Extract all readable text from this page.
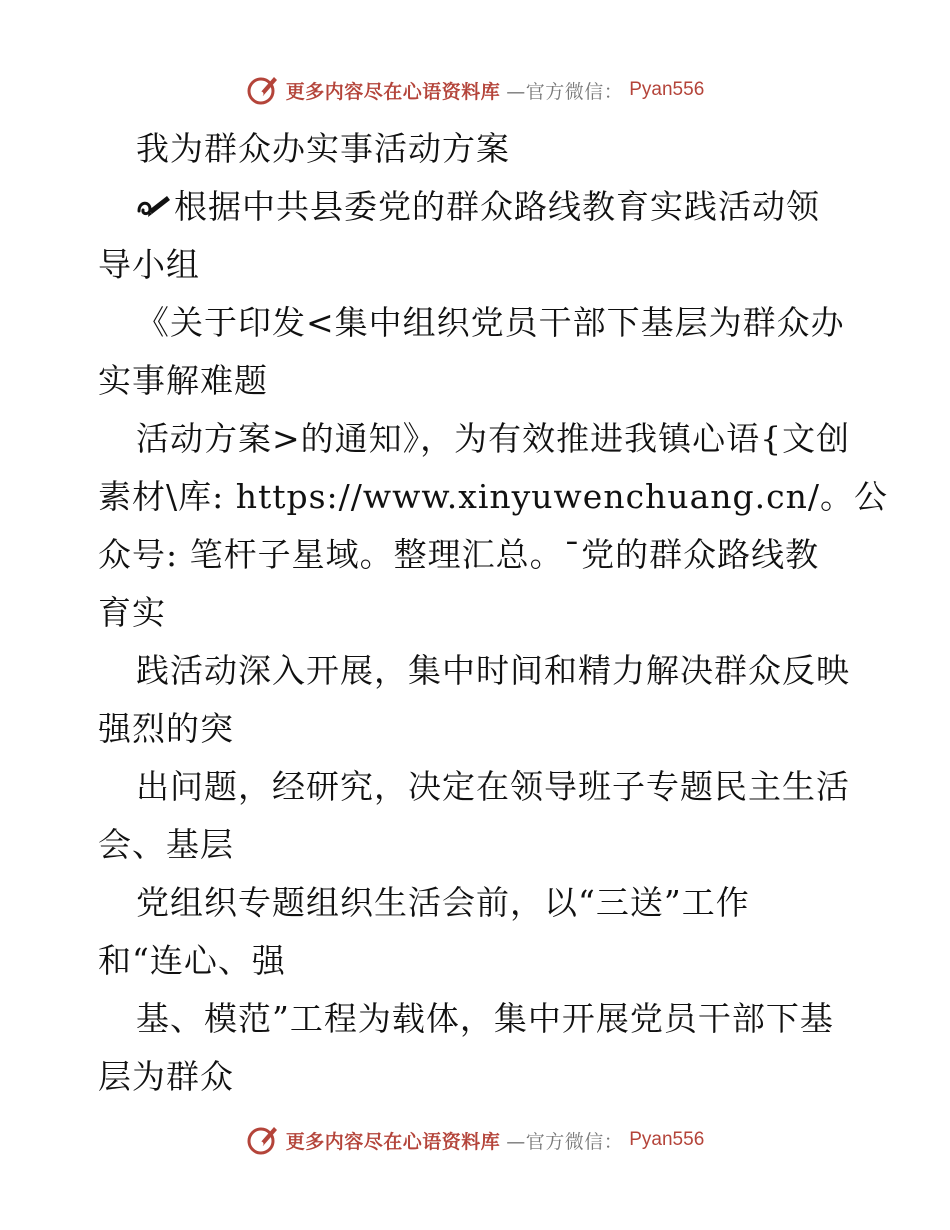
更多内容尽在心语资料库 —官方微信： Pyan556
我为群众办实事活动方案
根据中共县委党的群众路线教育实践活动领
导小组
《关于印发<集中组织党员干部下基层为群众办
实事解难题
活动方案>的通知》，为有效推进我镇心语{文创
素材\库: https://www.xinyuwenchuang.cn/。公
众号: 笔杆子星域。整理汇总。¯党的群众路线教
育实
践活动深入开展，集中时间和精力解决群众反映
强烈的突
出问题，经研究，决定在领导班子专题民主生活
会、基层
党组织专题组织生活会前，以“三送”工作
和“连心、强
基、模范”工程为载体，集中开展党员干部下基
层为群众
更多内容尽在心语资料库 —官方微信： Pyan556
